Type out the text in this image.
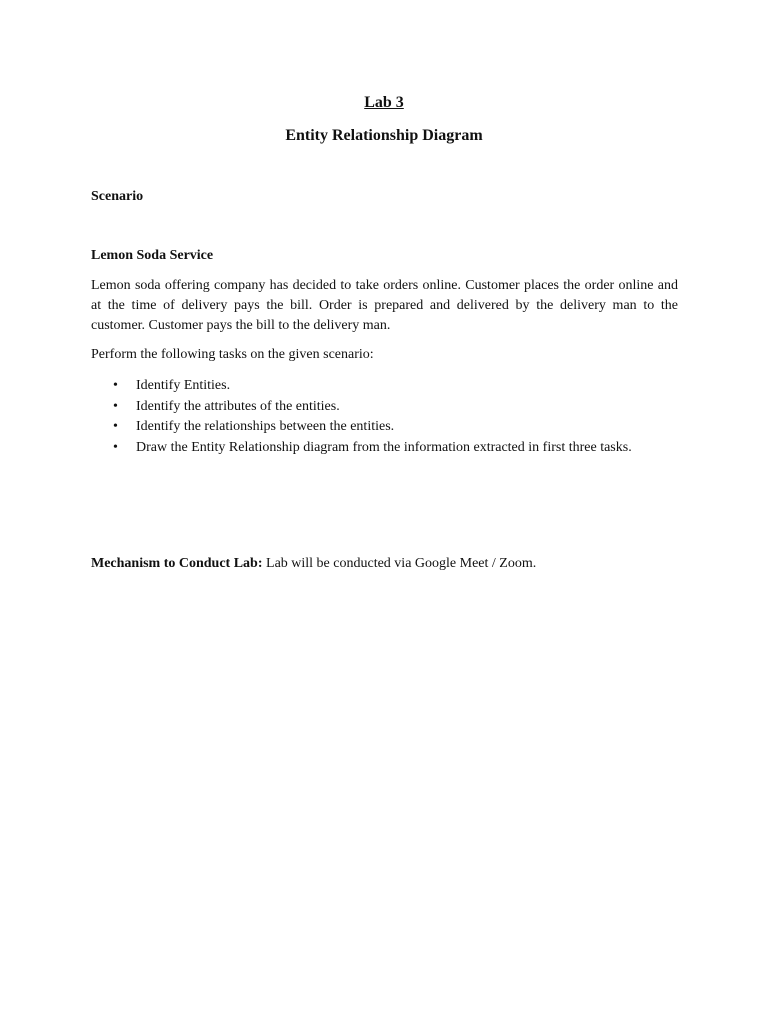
Lab 3
Entity Relationship Diagram
Scenario
Lemon Soda Service
Lemon soda offering company has decided to take orders online. Customer places the order online and at the time of delivery pays the bill. Order is prepared and delivered by the delivery man to the customer. Customer pays the bill to the delivery man.
Perform the following tasks on the given scenario:
• Identify Entities.
• Identify the attributes of the entities.
• Identify the relationships between the entities.
• Draw the Entity Relationship diagram from the information extracted in first three tasks.
Mechanism to Conduct Lab: Lab will be conducted via Google Meet / Zoom.
